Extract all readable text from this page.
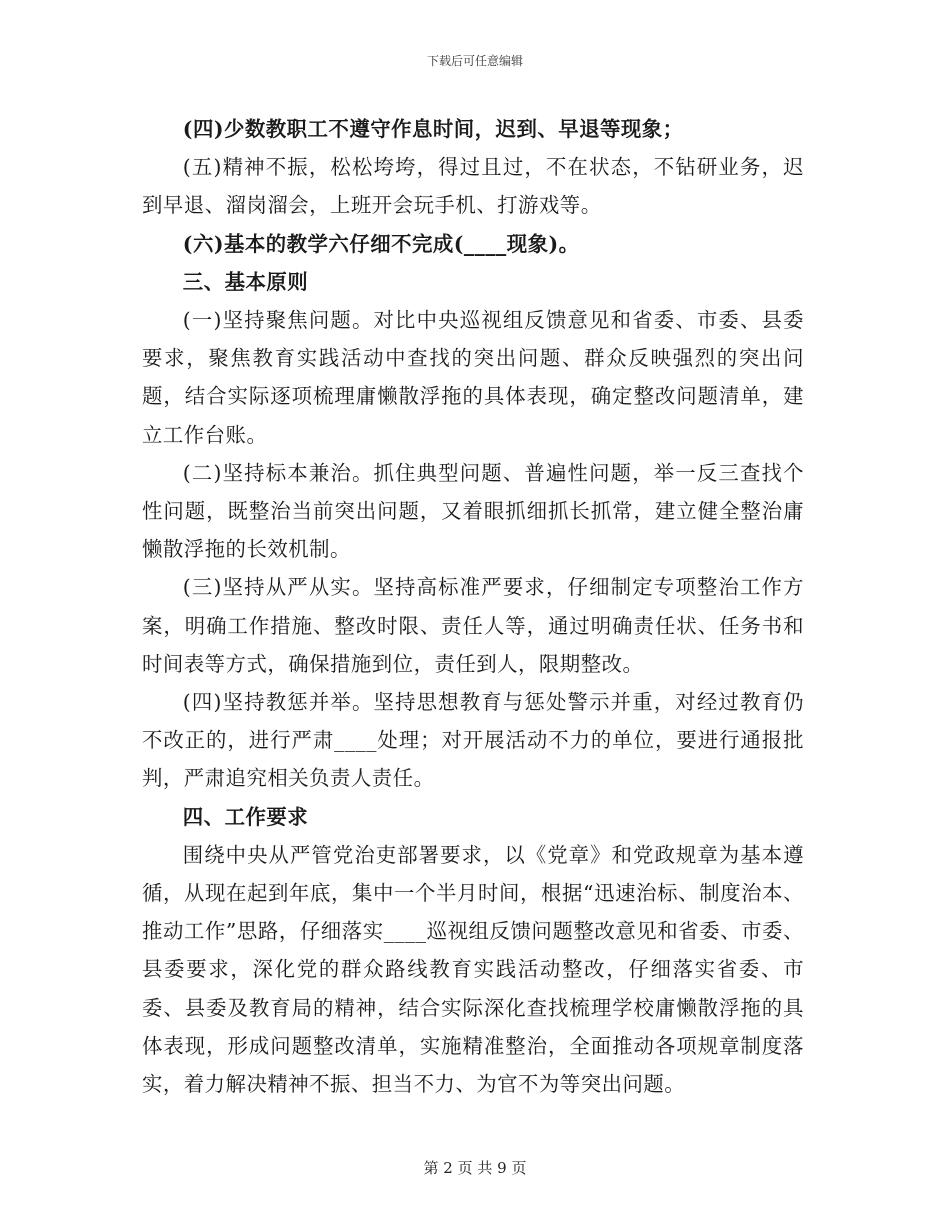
下载后可任意编辑

(四)少数教职工不遵守作息时间，迟到、早退等现象；

(五)精神不振，松松垮垮，得过且过，不在状态，不钻研业务，迟到早退、溜岗溜会，上班开会玩手机、打游戏等。

(六)基本的教学六仔细不完成(____现象)。

三、基本原则

(一)坚持聚焦问题。对比中央巡视组反馈意见和省委、市委、县委要求，聚焦教育实践活动中查找的突出问题、群众反映强烈的突出问题，结合实际逐项梳理庸懒散浮拖的具体表现，确定整改问题清单，建立工作台账。

(二)坚持标本兼治。抓住典型问题、普遍性问题，举一反三查找个性问题，既整治当前突出问题，又着眼抓细抓长抓常，建立健全整治庸懒散浮拖的长效机制。

(三)坚持从严从实。坚持高标准严要求，仔细制定专项整治工作方案，明确工作措施、整改时限、责任人等，通过明确责任状、任务书和时间表等方式，确保措施到位，责任到人，限期整改。

(四)坚持教惩并举。坚持思想教育与惩处警示并重，对经过教育仍不改正的，进行严肃____处理；对开展活动不力的单位，要进行通报批判，严肃追究相关负责人责任。

四、工作要求

围绕中央从严管党治吏部署要求，以《党章》和党政规章为基本遵循，从现在起到年底，集中一个半月时间，根据“迅速治标、制度治本、推动工作”思路，仔细落实____巡视组反馈问题整改意见和省委、市委、县委要求，深化党的群众路线教育实践活动整改，仔细落实省委、市委、县委及教育局的精神，结合实际深化查找梳理学校庸懒散浮拖的具体表现，形成问题整改清单，实施精准整治，全面推动各项规章制度落实，着力解决精神不振、担当不力、为官不为等突出问题。

第 2 页 共 9 页
